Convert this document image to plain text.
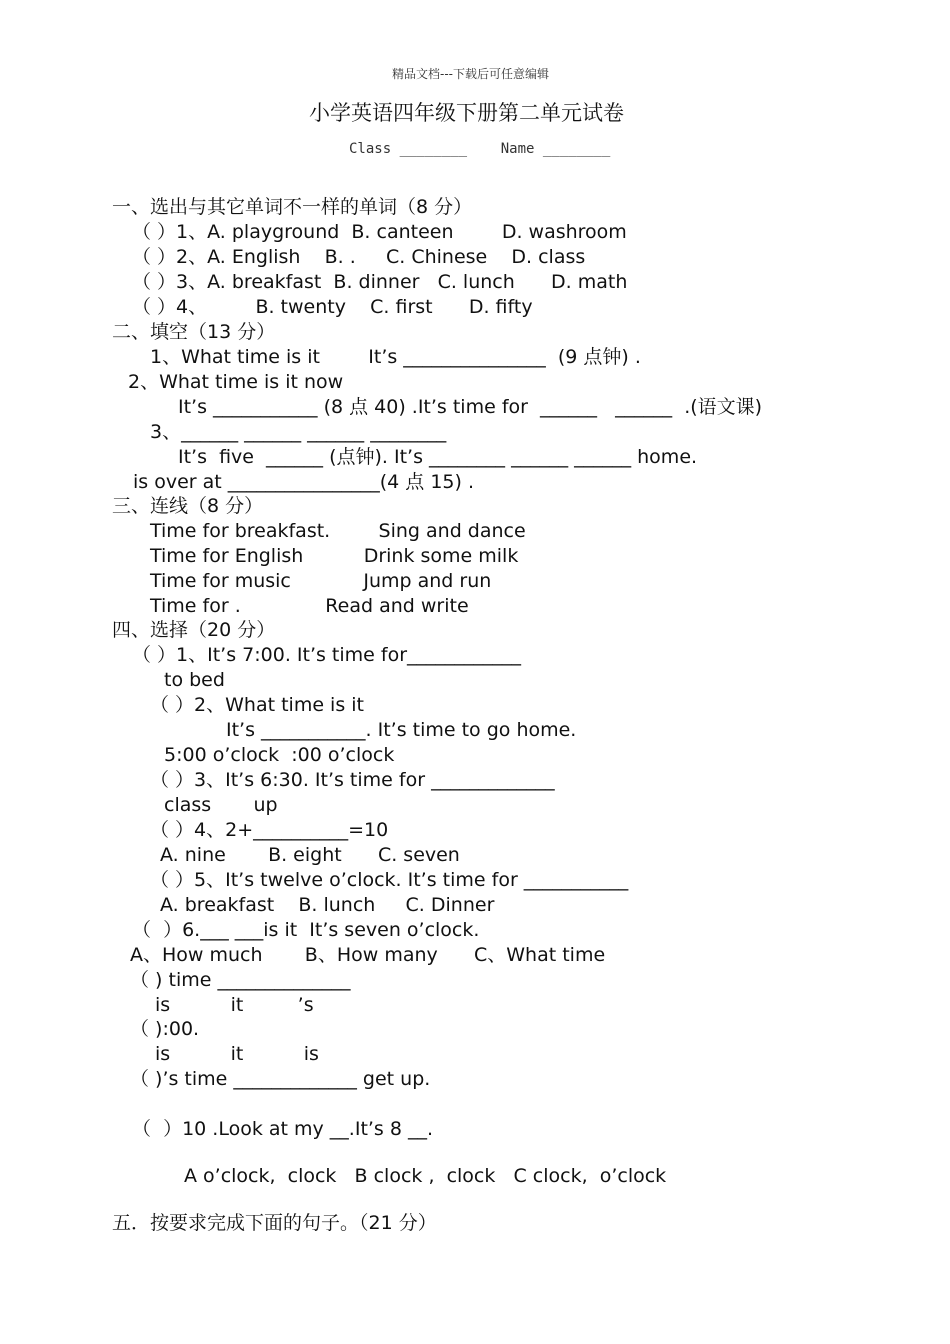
精品文档---下载后可任意编辑
小学英语四年级下册第二单元试卷
Class ________    Name ________
一、选出与其它单词不一样的单词（8 分）
（ ）1、A. playground  B. canteen        D. washroom
（ ）2、A. English    B. .     C. Chinese    D. class
（ ）3、A. breakfast  B. dinner   C. lunch      D. math
（ ）4、        B. twenty    C. first      D. fifty
二、填空（13 分）
1、What time is it        It’s _______________  (9 点钟) .
2、What time is it now
It’s ___________ (8 点 40) .It’s time for  ______   ______  .(语文课)
3、______ ______ ______ ________
It’s  five  ______ (点钟). It’s ________ ______ ______ home.
is over at ________________(4 点 15) .
三、连线（8 分）
Time for breakfast.        Sing and dance
Time for English          Drink some milk
Time for music            Jump and run
Time for .              Read and write
四、选择（20 分）
（ ）1、It’s 7:00. It’s time for____________
to bed
（ ）2、What time is it
It’s ___________. It’s time to go home.
5:00 o’clock  :00 o’clock
（ ）3、It’s 6:30. It’s time for _____________
class       up
（ ）4、2+__________=10
A. nine       B. eight      C. seven
（ ）5、It’s twelve o’clock. It’s time for ___________
A. breakfast    B. lunch     C. Dinner
（  ）6.___ ___is it  It’s seven o’clock.
A、How much       B、How many      C、What time
（ ) time ______________
is          it         ’s
（ ):00.
is          it          is
（ )’s time _____________ get up.
（  ）10 .Look at my __.It’s 8 __.
A o’clock,  clock   B clock ,  clock   C clock,  o’clock
五．按要求完成下面的句子。（21 分）
